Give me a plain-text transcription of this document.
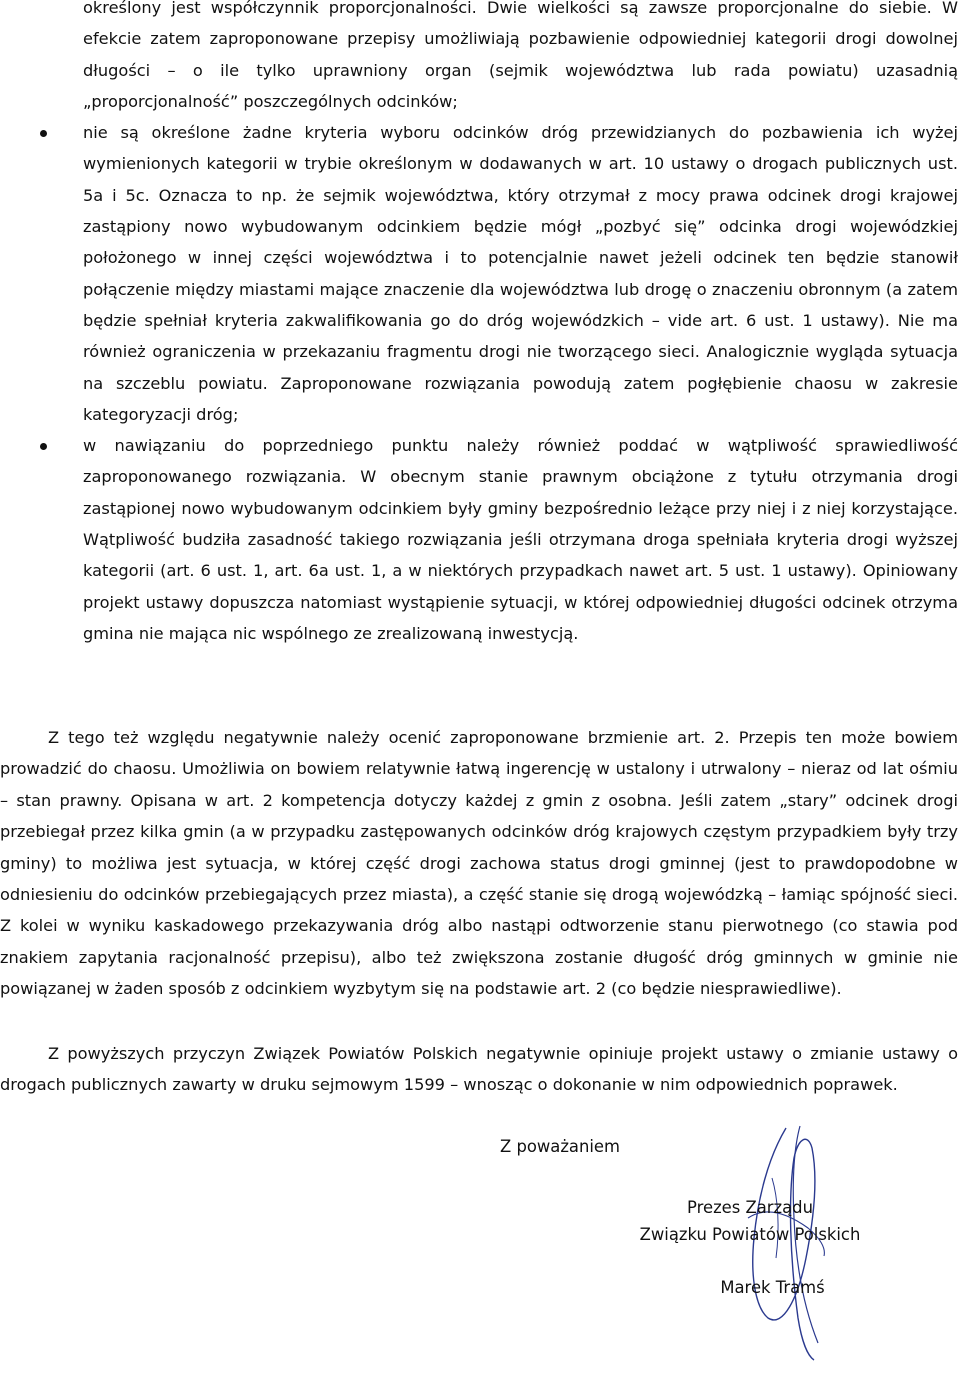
określony jest współczynnik proporcjonalności. Dwie wielkości są zawsze proporcjonalne do siebie. W efekcie zatem zaproponowane przepisy umożliwiają pozbawienie odpowiedniej kategorii drogi dowolnej długości – o ile tylko uprawniony organ (sejmik województwa lub rada powiatu) uzasadnią „proporcjonalność” poszczególnych odcinków;
nie są określone żadne kryteria wyboru odcinków dróg przewidzianych do pozbawienia ich wyżej wymienionych kategorii w trybie określonym w dodawanych w art. 10 ustawy o drogach publicznych ust. 5a i 5c. Oznacza to np. że sejmik województwa, który otrzymał z mocy prawa odcinek drogi krajowej zastąpiony nowo wybudowanym odcinkiem będzie mógł „pozbyć się” odcinka drogi wojewódzkiej położonego w innej części województwa i to potencjalnie nawet jeżeli odcinek ten będzie stanowił połączenie między miastami mające znaczenie dla województwa lub drogę o znaczeniu obronnym (a zatem będzie spełniał kryteria zakwalifikowania go do dróg wojewódzkich – vide art. 6 ust. 1 ustawy). Nie ma również ograniczenia w przekazaniu fragmentu drogi nie tworzącego sieci. Analogicznie wygląda sytuacja na szczeblu powiatu. Zaproponowane rozwiązania powodują zatem pogłębienie chaosu w zakresie kategoryzacji dróg;
w nawiązaniu do poprzedniego punktu należy również poddać w wątpliwość sprawiedliwość zaproponowanego rozwiązania. W obecnym stanie prawnym obciążone z tytułu otrzymania drogi zastąpionej nowo wybudowanym odcinkiem były gminy bezpośrednio leżące przy niej i z niej korzystające. Wątpliwość budziła zasadność takiego rozwiązania jeśli otrzymana droga spełniała kryteria drogi wyższej kategorii (art. 6 ust. 1, art. 6a ust. 1, a w niektórych przypadkach nawet art. 5 ust. 1 ustawy). Opiniowany projekt ustawy dopuszcza natomiast wystąpienie sytuacji, w której odpowiedniej długości odcinek otrzyma gmina nie mająca nic wspólnego ze zrealizowaną inwestycją.

Z tego też względu negatywnie należy ocenić zaproponowane brzmienie art. 2. Przepis ten może bowiem prowadzić do chaosu. Umożliwia on bowiem relatywnie łatwą ingerencję w ustalony i utrwalony – nieraz od lat ośmiu – stan prawny. Opisana w art. 2 kompetencja dotyczy każdej z gmin z osobna. Jeśli zatem „stary” odcinek drogi przebiegał przez kilka gmin (a w przypadku zastępowanych odcinków dróg krajowych częstym przypadkiem były trzy gminy) to możliwa jest sytuacja, w której część drogi zachowa status drogi gminnej (jest to prawdopodobne w odniesieniu do odcinków przebiegających przez miasta), a część stanie się drogą wojewódzką – łamiąc spójność sieci. Z kolei w wyniku kaskadowego przekazywania dróg albo nastąpi odtworzenie stanu pierwotnego (co stawia pod znakiem zapytania racjonalność przepisu), albo też zwiększona zostanie długość dróg gminnych w gminie nie powiązanej w żaden sposób z odcinkiem wyzbytym się na podstawie art. 2 (co będzie niesprawiedliwe).

Z powyższych przyczyn Związek Powiatów Polskich negatywnie opiniuje projekt ustawy o zmianie ustawy o drogach publicznych zawarty w druku sejmowym 1599 – wnosząc o dokonanie w nim odpowiednich poprawek.

Z poważaniem

Prezes Zarządu
Związku Powiatów Polskich
Marek Tramś
